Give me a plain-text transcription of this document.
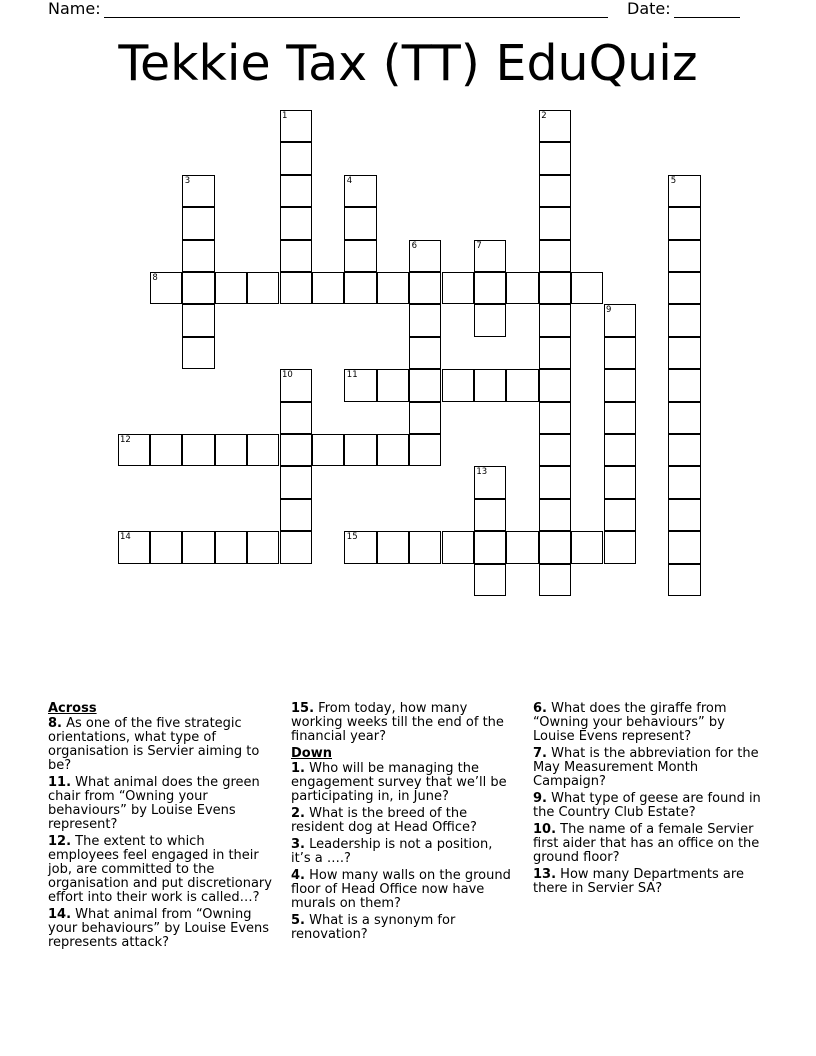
Name:	Date:
Tekkie Tax (TT) EduQuiz
1	2
3	4	5
6	7
8
9
10	11
12
13
14	15
Across
8. As one of the five strategic orientations, what type of organisation is Servier aiming to be?
11. What animal does the green chair from “Owning your behaviours” by Louise Evens represent?
12. The extent to which employees feel engaged in their job, are committed to the organisation and put discretionary effort into their work is called…?
14. What animal from “Owning your behaviours” by Louise Evens represents attack?
15. From today, how many working weeks till the end of the financial year?
Down
1. Who will be managing the engagement survey that we’ll be participating in, in June?
2. What is the breed of the resident dog at Head Office?
3. Leadership is not a position, it’s a ….?
4. How many walls on the ground floor of Head Office now have murals on them?
5. What is a synonym for renovation?
6. What does the giraffe from “Owning your behaviours” by Louise Evens represent?
7. What is the abbreviation for the May Measurement Month Campaign?
9. What type of geese are found in the Country Club Estate?
10. The name of a female Servier first aider that has an office on the ground floor?
13. How many Departments are there in Servier SA?
